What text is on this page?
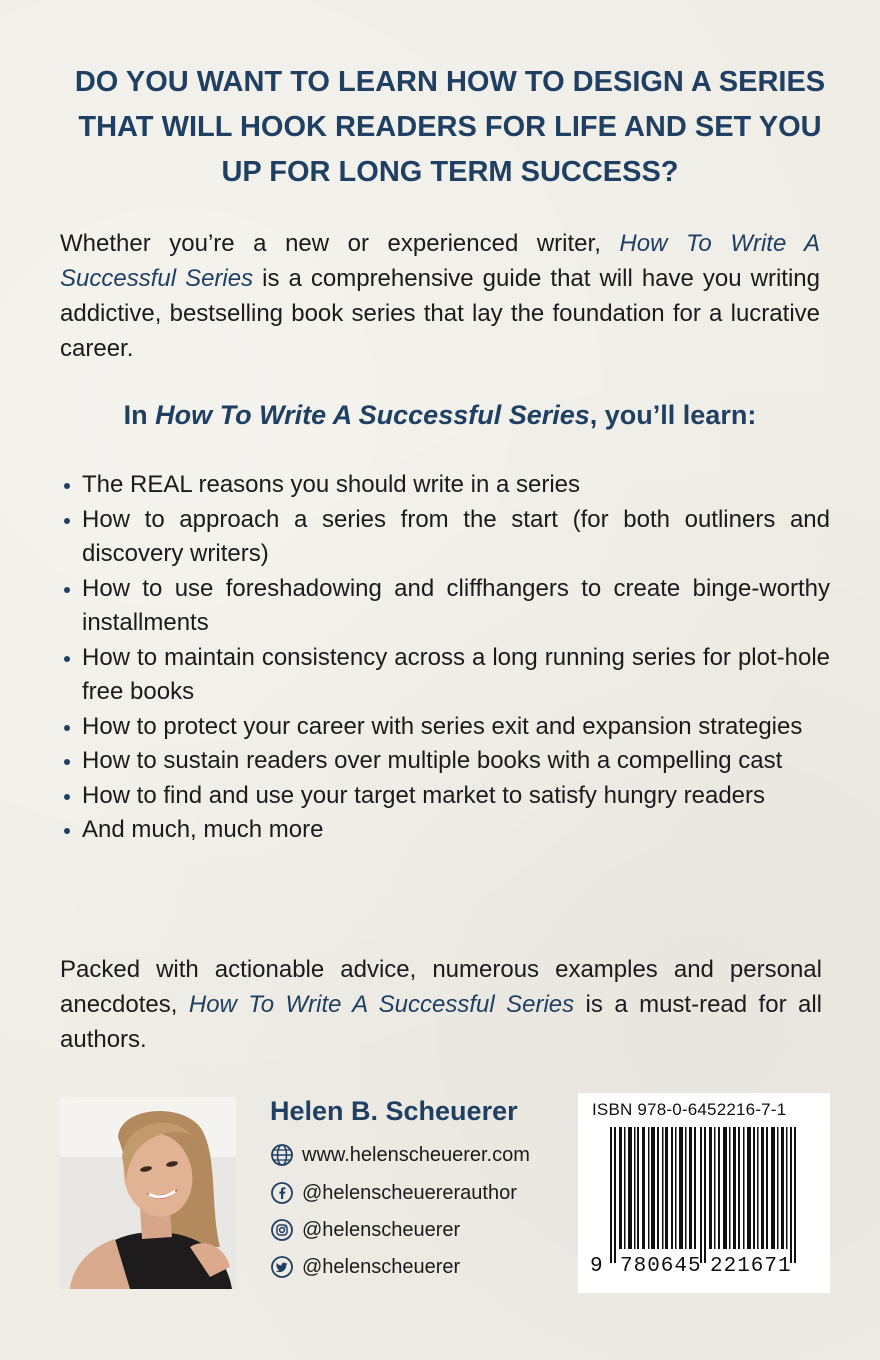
DO YOU WANT TO LEARN HOW TO DESIGN A SERIES THAT WILL HOOK READERS FOR LIFE AND SET YOU UP FOR LONG TERM SUCCESS?

Whether you’re a new or experienced writer, How To Write A Successful Series is a comprehensive guide that will have you writing addictive, bestselling book series that lay the foundation for a lucrative career.

In How To Write A Successful Series, you’ll learn:
The REAL reasons you should write in a series
How to approach a series from the start (for both outliners and discovery writers)
How to use foreshadowing and cliffhangers to create binge-worthy installments
How to maintain consistency across a long running series for plot-hole free books
How to protect your career with series exit and expansion strategies
How to sustain readers over multiple books with a compelling cast
How to find and use your target market to satisfy hungry readers
And much, much more

Packed with actionable advice, numerous examples and personal anecdotes, How To Write A Successful Series is a must-read for all authors.

Helen B. Scheuerer
www.helenscheuerer.com
@helenscheuererauthor
@helenscheuerer
@helenscheuerer
ISBN 978-0-6452216-7-1
9 780645 221671
